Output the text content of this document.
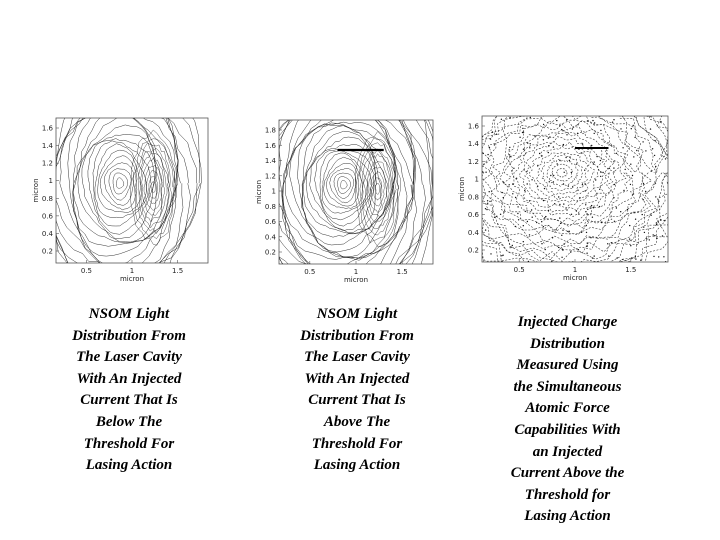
1.6
1.4
1.2
1
0.8
0.6
0.4
0.2
0.5	1	1.5
micron
micron
NSOM Light
Distribution From
The Laser Cavity
With An Injected
Current That Is
Below The
Threshold For
Lasing Action
1.8
1.6
1.4
1.2
1
0.8
0.6
0.4
0.2
0.5	1	1.5
micron
micron
NSOM Light
Distribution From
The Laser Cavity
With An Injected
Current That Is
Above The
Threshold For
Lasing Action
1.6
1.4
1.2
1
0.8
0.6
0.4
0.2
0.5	1	1.5
micron
micron
Injected Charge
Distribution
Measured Using
the Simultaneous
Atomic Force
Capabilities With
an Injected
Current Above the
Threshold for
Lasing Action
